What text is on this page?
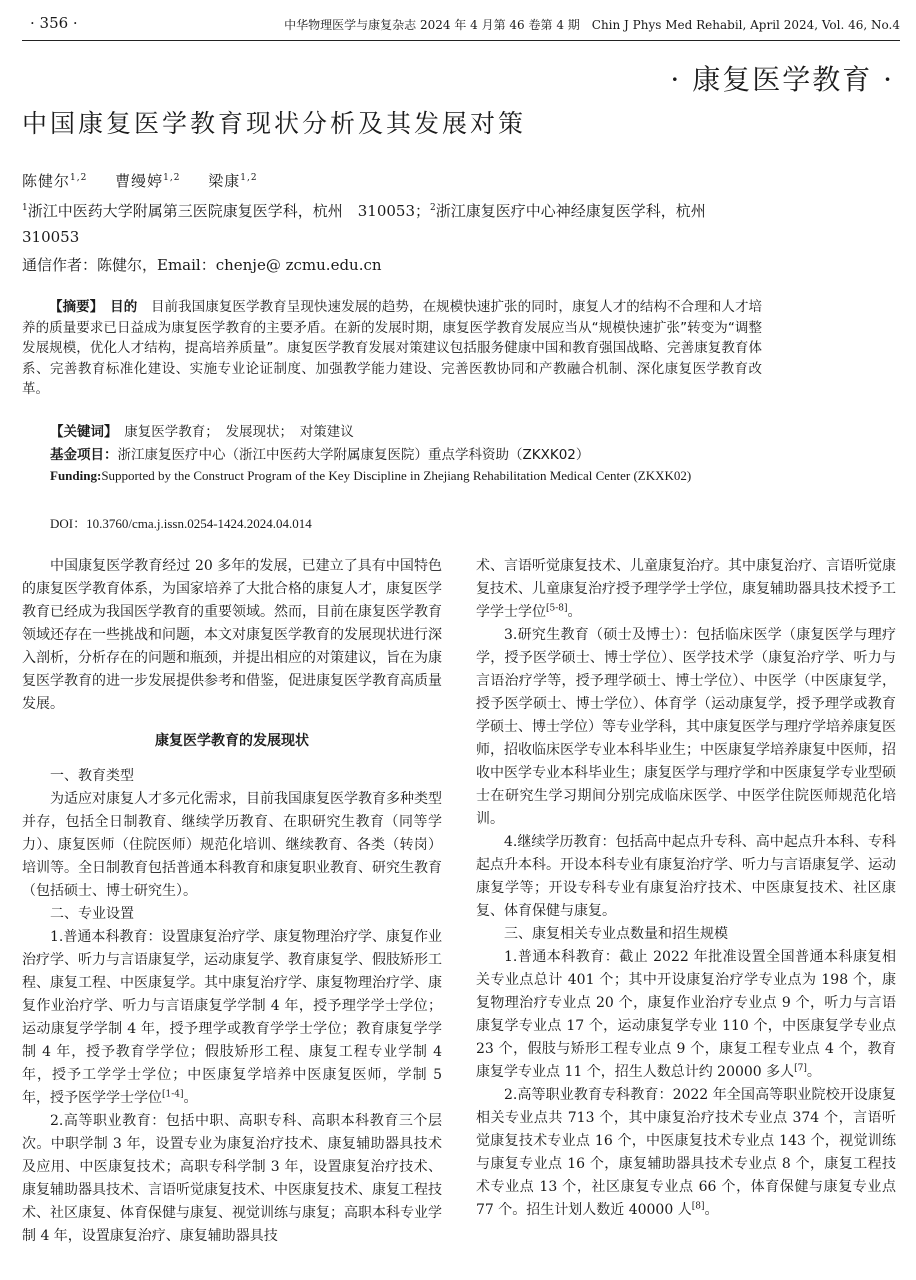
· 356 ·	中华物理医学与康复杂志 2024 年 4 月第 46 卷第 4 期　Chin J Phys Med Rehabil, April 2024, Vol. 46, No.4
· 康复医学教育 ·
中国康复医学教育现状分析及其发展对策
陈健尔$^{1,2}$ 曹缦婷$^{1,2}$ 梁康$^{1,2}$
$^1$浙江中医药大学附属第三医院康复医学科，杭州　310053；$^2$浙江康复医疗中心神经康复医学科，杭州　310053
通信作者：陈健尔，Email：chenje@ zcmu.edu.cn
【摘要】　 目的　 目前我国康复医学教育呈现快速发展的趋势，在规模快速扩张的同时，康复人才的结构不合理和人才培养的质量要求已日益成为康复医学教育的主要矛盾。在新的发展时期，康复医学教育发展应当从“规模快速扩张”转变为“调整发展规模，优化人才结构，提高培养质量”。康复医学教育发展对策建议包括服务健康中国和教育强国战略、完善康复教育体系、完善教育标准化建设、实施专业论证制度、加强教学能力建设、完善医教协同和产教融合机制、深化康复医学教育改革。
【关键词】　 康复医学教育；　发展现状；　对策建议
基金项目：浙江康复医疗中心（浙江中医药大学附属康复医院）重点学科资助（ZKXK02）
Funding:Supported by the Construct Program of the Key Discipline in Zhejiang Rehabilitation Medical Center (ZKXK02)
DOI：10.3760/cma.j.issn.0254-1424.2024.04.014

中国康复医学教育经过 20 多年的发展，已建立了具有中国特色的康复医学教育体系，为国家培养了大批合格的康复人才，康复医学教育已经成为我国医学教育的重要领域。然而，目前在康复医学教育领域还存在一些挑战和问题，本文对康复医学教育的发展现状进行深入剖析，分析存在的问题和瓶颈，并提出相应的对策建议，旨在为康复医学教育的进一步发展提供参考和借鉴，促进康复医学教育高质量发展。

康复医学教育的发展现状

一、教育类型

为适应对康复人才多元化需求，目前我国康复医学教育多种类型并存，包括全日制教育、继续学历教育、在职研究生教育（同等学力）、康复医师（住院医师）规范化培训、继续教育、各类（转岗）培训等。全日制教育包括普通本科教育和康复职业教育、研究生教育（包括硕士、博士研究生）。

二、专业设置

1.普通本科教育：设置康复治疗学、康复物理治疗学、康复作业治疗学、听力与言语康复学，运动康复学、教育康复学、假肢矫形工程、康复工程、中医康复学。其中康复治疗学、康复物理治疗学、康复作业治疗学、听力与言语康复学学制 4 年，授予理学学士学位；运动康复学学制 4 年，授予理学或教育学学士学位；教育康复学学制 4 年，授予教育学学位；假肢矫形工程、康复工程专业学制 4 年，授予工学学士学位；中医康复学培养中医康复医师，学制 5 年，授予医学学士学位[1-4]。

2.高等职业教育：包括中职、高职专科、高职本科教育三个层次。中职学制 3 年，设置专业为康复治疗技术、康复辅助器具技术及应用、中医康复技术；高职专科学制 3 年，设置康复治疗技术、康复辅助器具技术、言语听觉康复技术、中医康复技术、康复工程技术、社区康复、体育保健与康复、视觉训练与康复；高职本科专业学制 4 年，设置康复治疗、康复辅助器具技

术、言语听觉康复技术、儿童康复治疗。其中康复治疗、言语听觉康复技术、儿童康复治疗授予理学学士学位，康复辅助器具技术授予工学学士学位[5-8]。

3.研究生教育（硕士及博士）：包括临床医学（康复医学与理疗学，授予医学硕士、博士学位）、医学技术学（康复治疗学、听力与言语治疗学等，授予理学硕士、博士学位）、中医学（中医康复学，授予医学硕士、博士学位）、体育学（运动康复学，授予理学或教育学硕士、博士学位）等专业学科，其中康复医学与理疗学培养康复医师，招收临床医学专业本科毕业生；中医康复学培养康复中医师，招收中医学专业本科毕业生；康复医学与理疗学和中医康复学专业型硕士在研究生学习期间分别完成临床医学、中医学住院医师规范化培训。

4.继续学历教育：包括高中起点升专科、高中起点升本科、专科起点升本科。开设本科专业有康复治疗学、听力与言语康复学、运动康复学等；开设专科专业有康复治疗技术、中医康复技术、社区康复、体育保健与康复。

三、康复相关专业点数量和招生规模

1.普通本科教育：截止 2022 年批准设置全国普通本科康复相关专业点总计 401 个；其中开设康复治疗学专业点为 198 个，康复物理治疗专业点 20 个，康复作业治疗专业点 9 个，听力与言语康复学专业点 17 个，运动康复学专业 110 个，中医康复学专业点 23 个，假肢与矫形工程专业点 9 个，康复工程专业点 4 个，教育康复学专业点 11 个，招生人数总计约 20000 多人[7]。

2.高等职业教育专科教育：2022 年全国高等职业院校开设康复相关专业点共 713 个，其中康复治疗技术专业点 374 个，言语听觉康复技术专业点 16 个，中医康复技术专业点 143 个，视觉训练与康复专业点 16 个，康复辅助器具技术专业点 8 个，康复工程技术专业点 13 个，社区康复专业点 66 个，体育保健与康复专业点 77 个。招生计划人数近 40000 人[8]。
